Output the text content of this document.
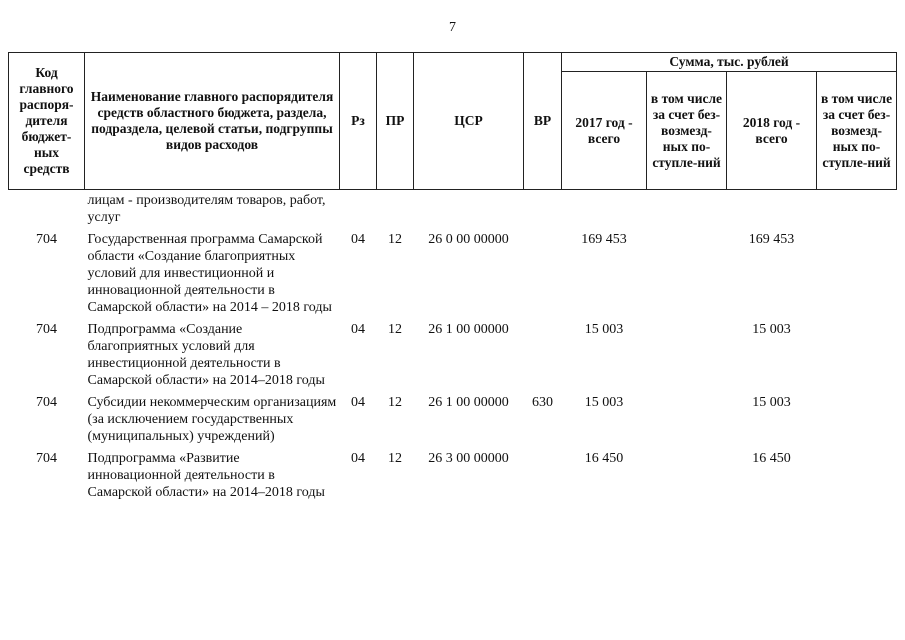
7
Код главного распоря-дителя бюджет-ных средств	Наименование главного распорядителя средств областного бюджета, раздела, подраздела, целевой статьи, подгруппы видов расходов	Рз	ПР	ЦСР	ВР	Сумма, тыс. рублей			
						2017 год - всего	в том числе за счет без-возмезд-ных по-ступле-ний	2018 год - всего	в том числе за счет без-возмезд-ных по-ступле-ний
	лицам - производителям товаров, работ, услуг								
704	Государственная программа Самарской области «Создание благоприятных условий для инвестиционной и инновационной деятельности в Самарской области» на 2014 – 2018 годы	04	12	26 0 00 00000		169 453		169 453	
704	Подпрограмма «Создание благоприятных условий для инвестиционной деятельности в Самарской области» на 2014–2018 годы	04	12	26 1 00 00000		15 003		15 003	
704	Субсидии некоммерческим организациям (за исключением государственных (муниципальных) учреждений)	04	12	26 1 00 00000	630	15 003		15 003	
704	Подпрограмма «Развитие инновационной деятельности в Самарской области» на 2014–2018 годы	04	12	26 3 00 00000		16 450		16 450	
